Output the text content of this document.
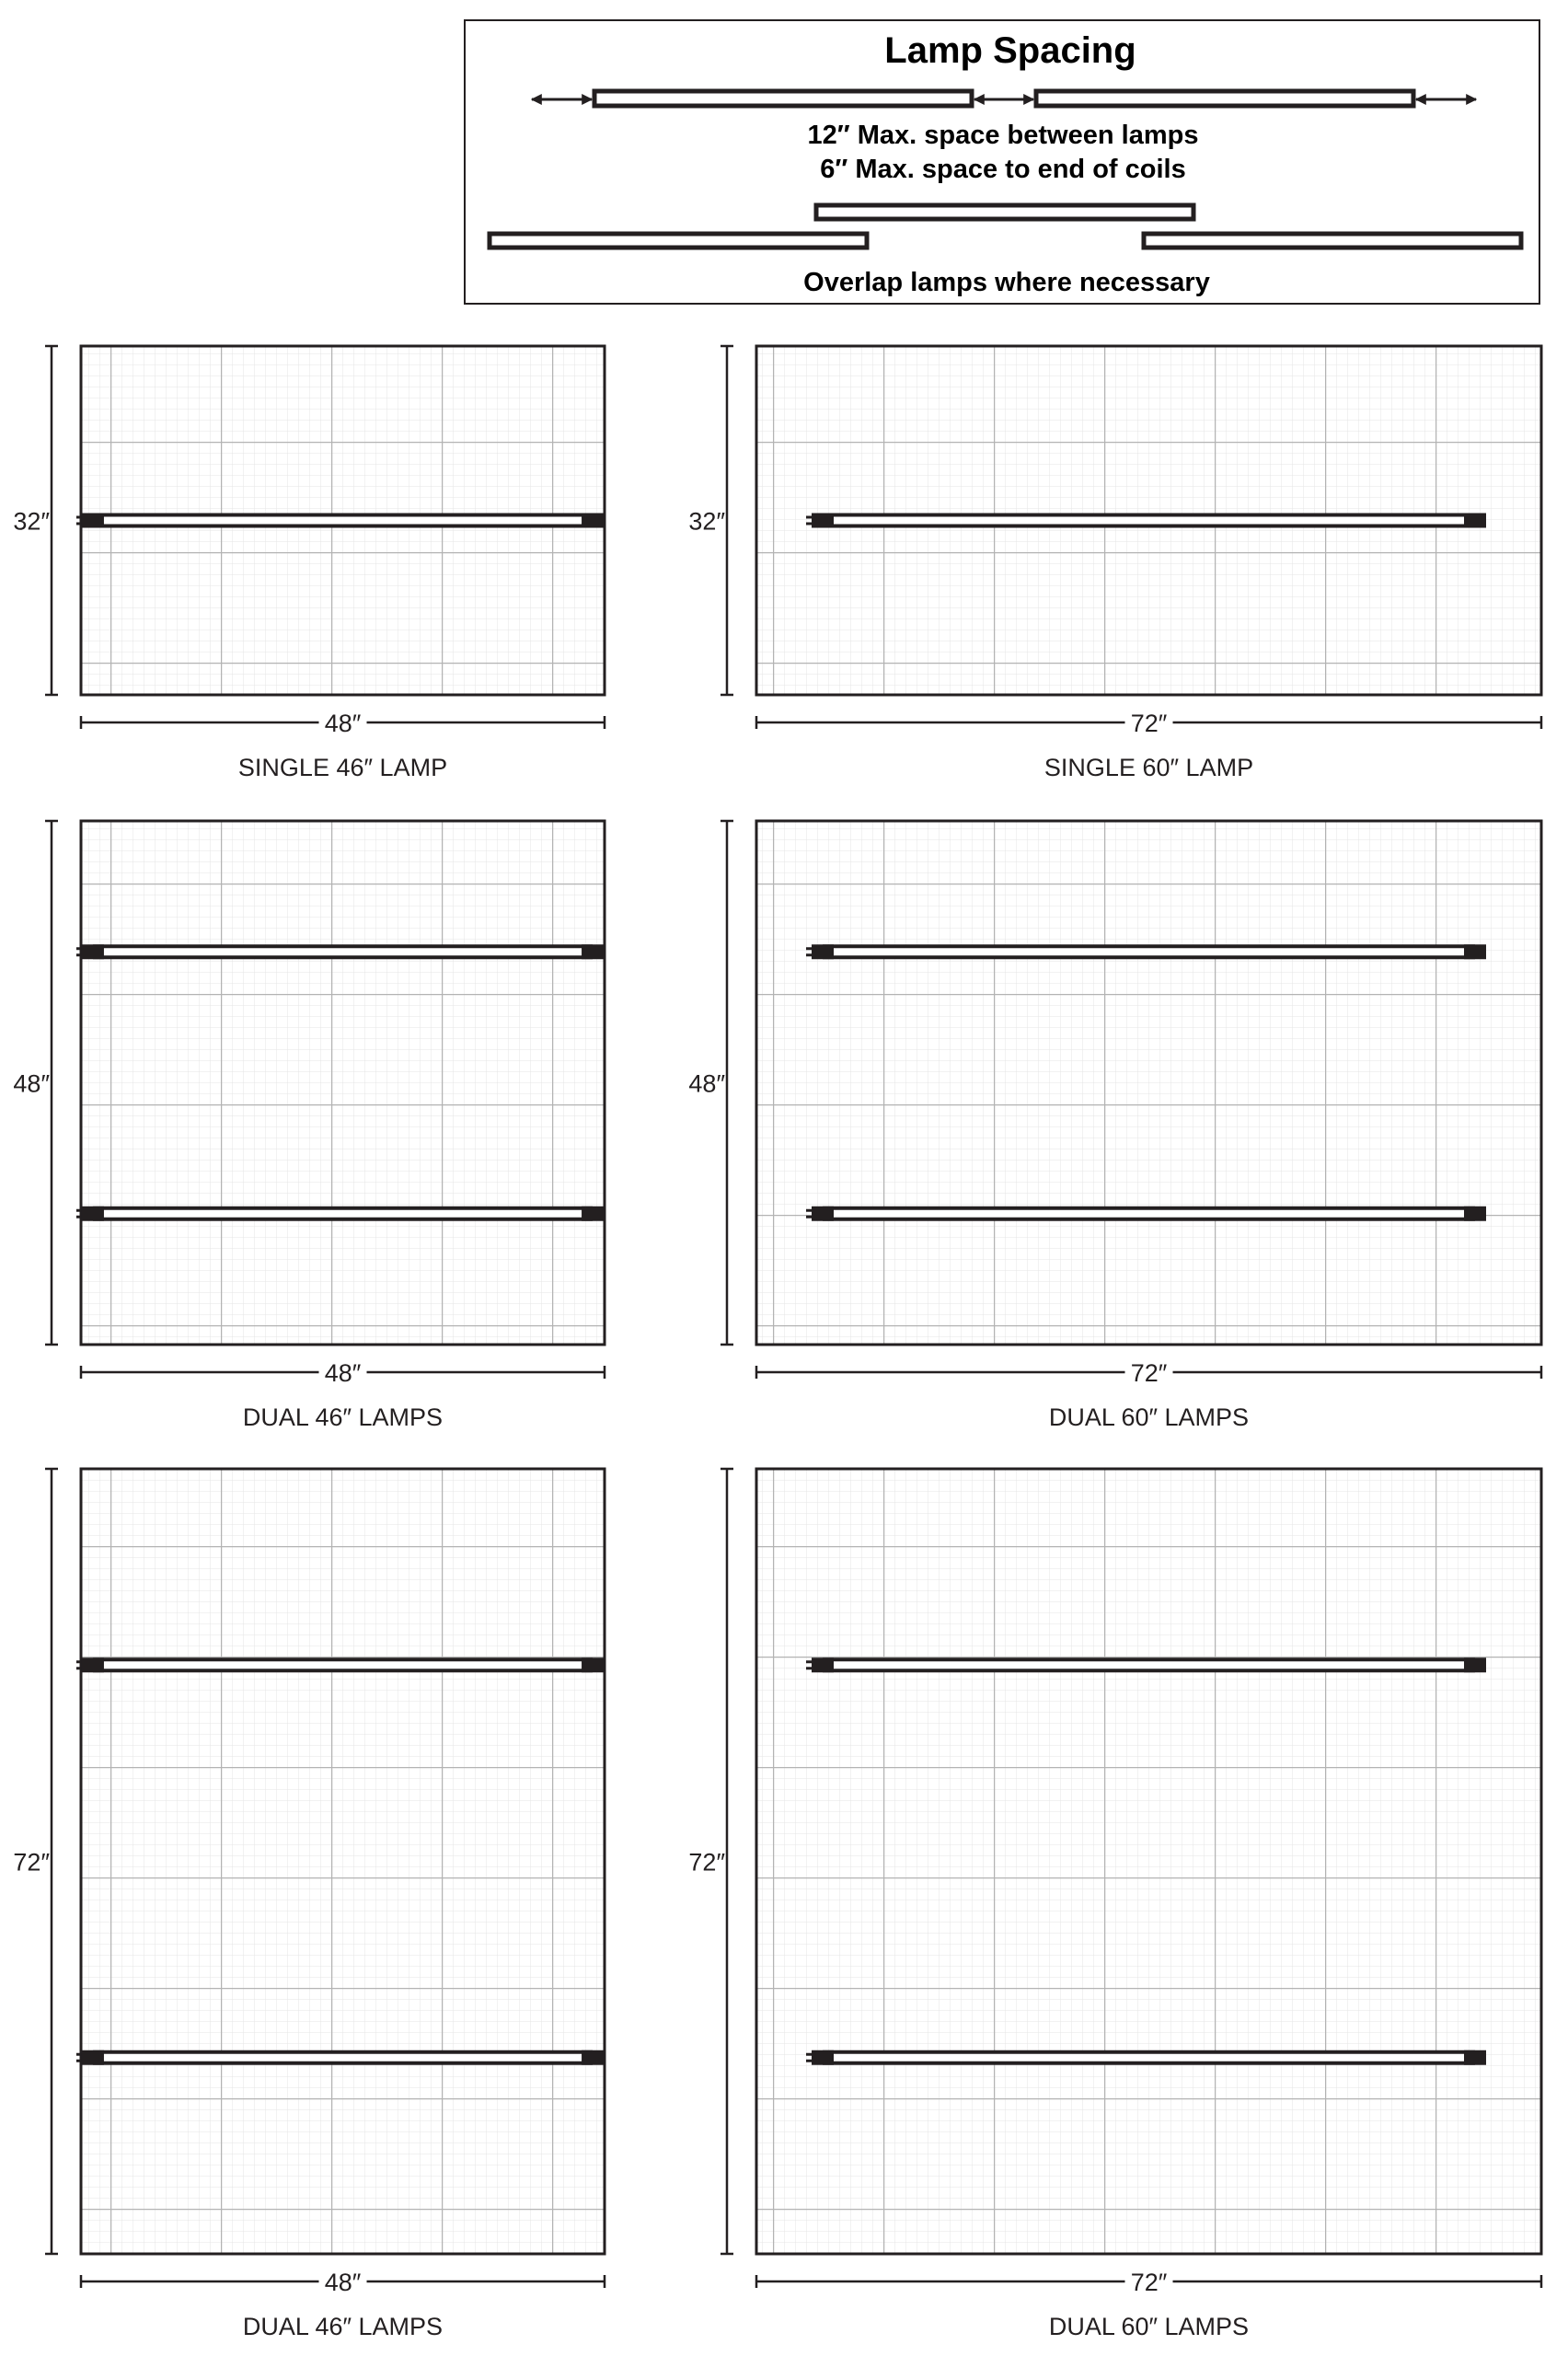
Lamp Spacing
12″ Max. space between lamps
6″ Max. space to end of coils
Overlap lamps where necessary
32″
48″
SINGLE 46″ LAMP
32″
72″
SINGLE 60″ LAMP
48″
48″
DUAL 46″ LAMPS
48″
72″
DUAL 60″ LAMPS
72″
48″
DUAL 46″ LAMPS
72″
72″
DUAL 60″ LAMPS
